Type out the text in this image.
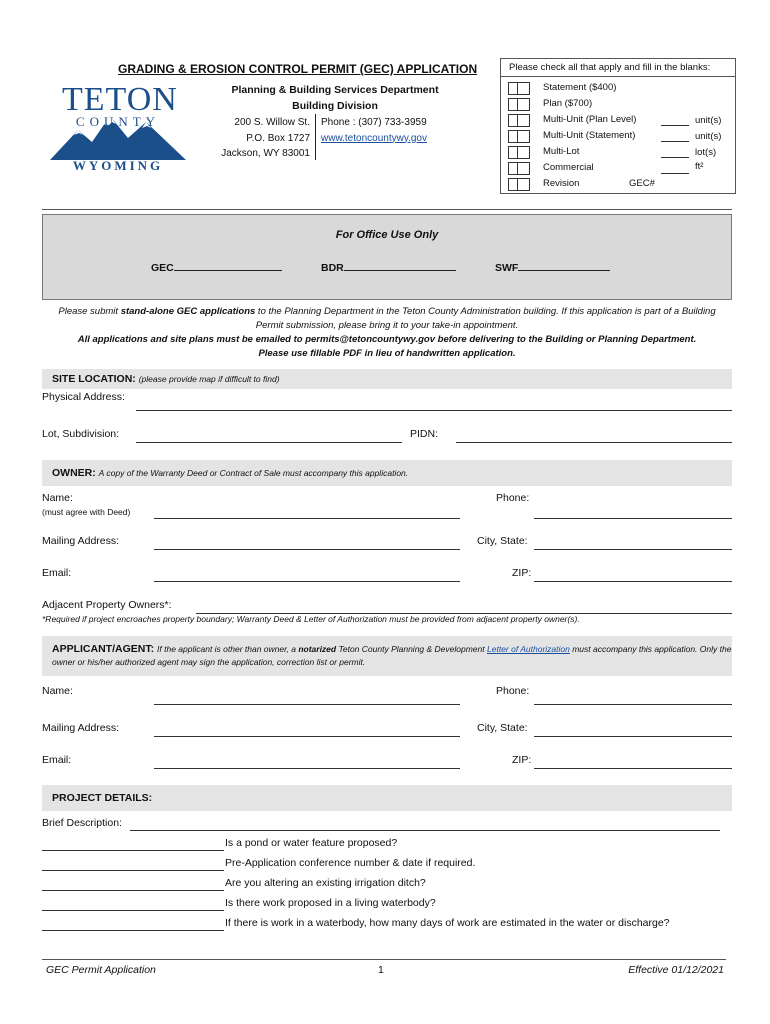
TETON
COUNTY
WYOMING
GRADING & EROSION CONTROL PERMIT (GEC) APPLICATION
Planning & Building Services Department
Building Division
200 S. Willow St.
P.O. Box 1727
Jackson, WY 83001
Phone : (307) 733-3959
www.tetoncountywy.gov
Please check all that apply and fill in the blanks:
Statement ($400)
Plan ($700)
Multi-Unit (Plan Level)	unit(s)
Multi-Unit (Statement)	unit(s)
Multi-Lot	lot(s)
Commercial	ft²
Revision	GEC#
For Office Use Only
GEC	BDR	SWF
Please submit stand-alone GEC applications to the Planning Department in the Teton County Administration building. If this application is part of a Building Permit submission, please bring it to your take-in appointment.
All applications and site plans must be emailed to permits@tetoncountywy.gov before delivering to the Building or Planning Department.
Please use fillable PDF in lieu of handwritten application.
SITE LOCATION: (please provide map if difficult to find)
Physical Address:
Lot, Subdivision:	PIDN:
OWNER: A copy of the Warranty Deed or Contract of Sale must accompany this application.
Name:
(must agree with Deed)
Phone:
Mailing Address:	City, State:
Email:	ZIP:
Adjacent Property Owners*:
*Required if project encroaches property boundary; Warranty Deed & Letter of Authorization must be provided from adjacent property owner(s).
APPLICANT/AGENT: If the applicant is other than owner, a notarized Teton County Planning & Development Letter of Authorization must accompany this application. Only the owner or his/her authorized agent may sign the application, correction list or permit.
Name:	Phone:
Mailing Address:	City, State:
Email:	ZIP:
PROJECT DETAILS:
Brief Description:
Is a pond or water feature proposed?
Pre-Application conference number & date if required.
Are you altering an existing irrigation ditch?
Is there work proposed in a living waterbody?
If there is work in a waterbody, how many days of work are estimated in the water or discharge?
GEC Permit Application	1	Effective 01/12/2021
